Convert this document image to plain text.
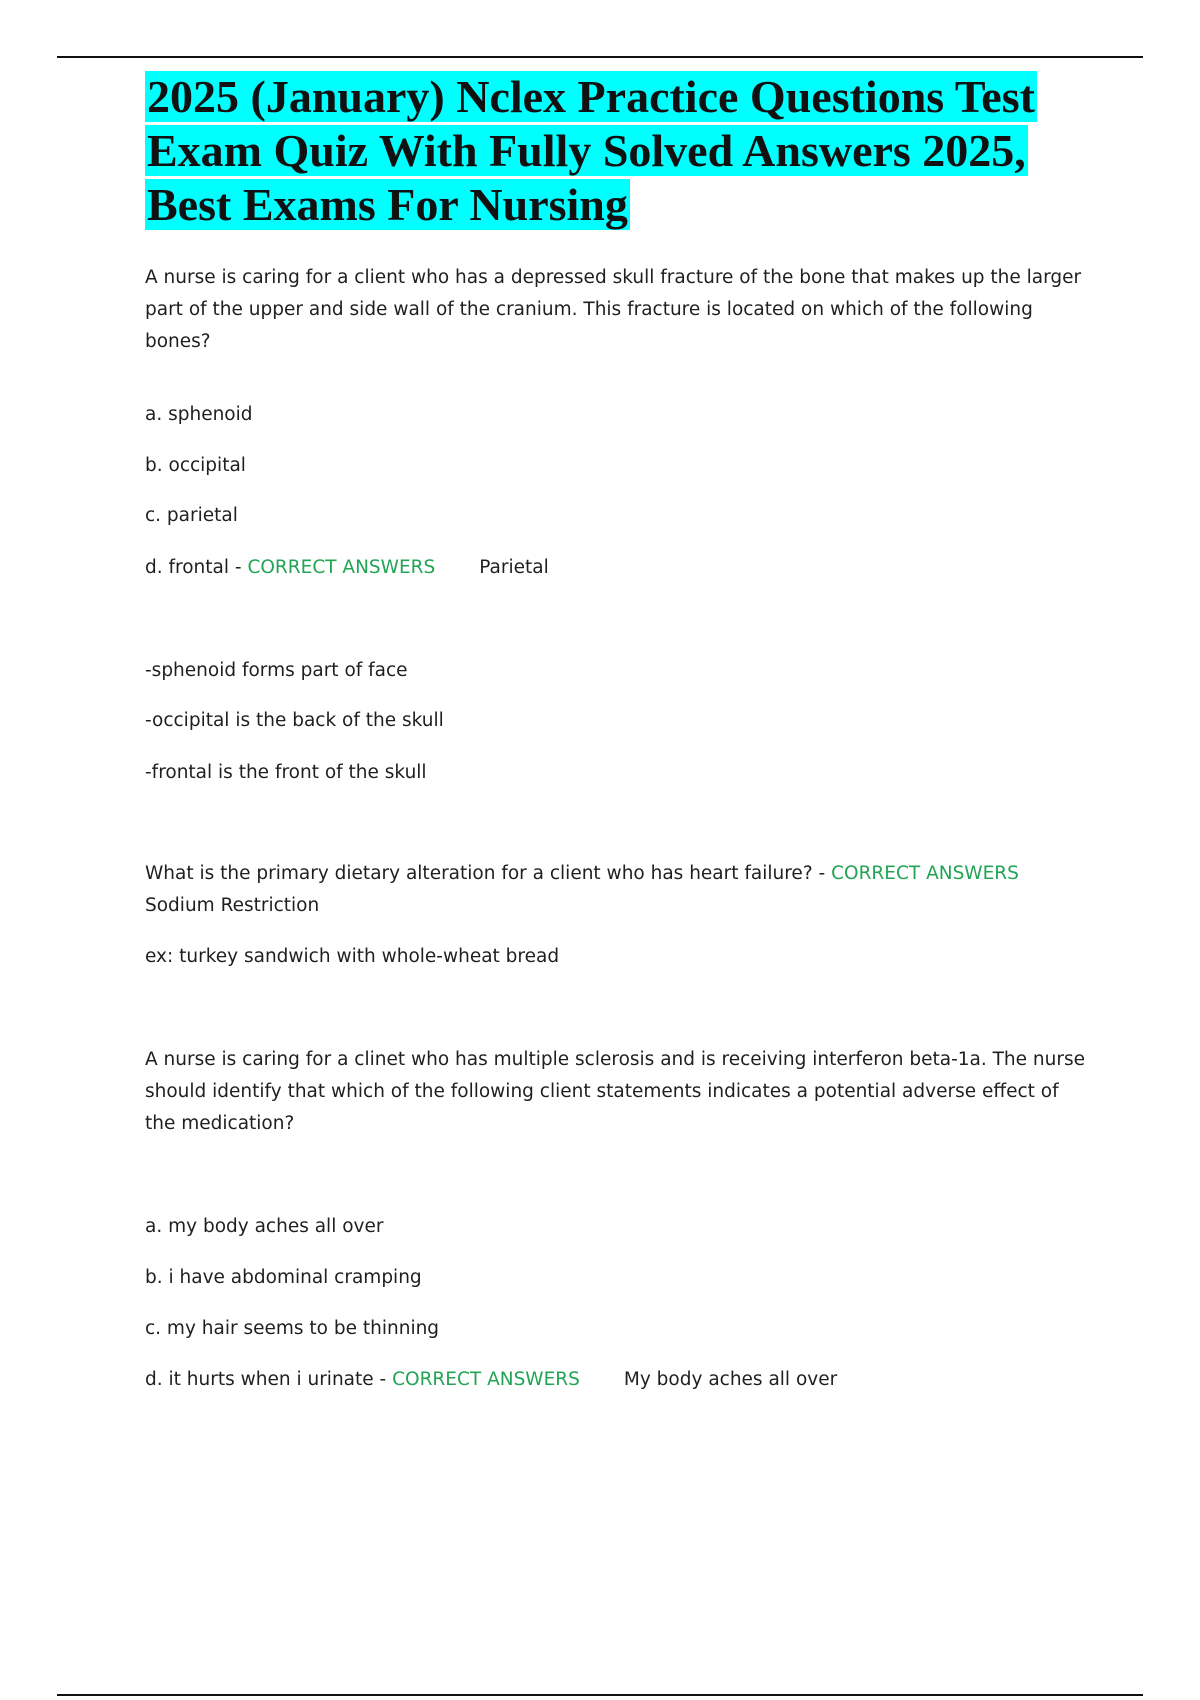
2025 (January) Nclex Practice Questions Test Exam Quiz With Fully Solved Answers 2025, Best Exams For Nursing

A nurse is caring for a client who has a depressed skull fracture of the bone that makes up the larger part of the upper and side wall of the cranium. This fracture is located on which of the following bones?

a. sphenoid

b. occipital

c. parietal

d. frontal - CORRECT ANSWERS Parietal

-sphenoid forms part of face

-occipital is the back of the skull

-frontal is the front of the skull

What is the primary dietary alteration for a client who has heart failure? - CORRECT ANSWERS

Sodium Restriction

ex: turkey sandwich with whole-wheat bread

A nurse is caring for a clinet who has multiple sclerosis and is receiving interferon beta-1a. The nurse should identify that which of the following client statements indicates a potential adverse effect of the medication?

a. my body aches all over

b. i have abdominal cramping

c. my hair seems to be thinning

d. it hurts when i urinate - CORRECT ANSWERS My body aches all over
